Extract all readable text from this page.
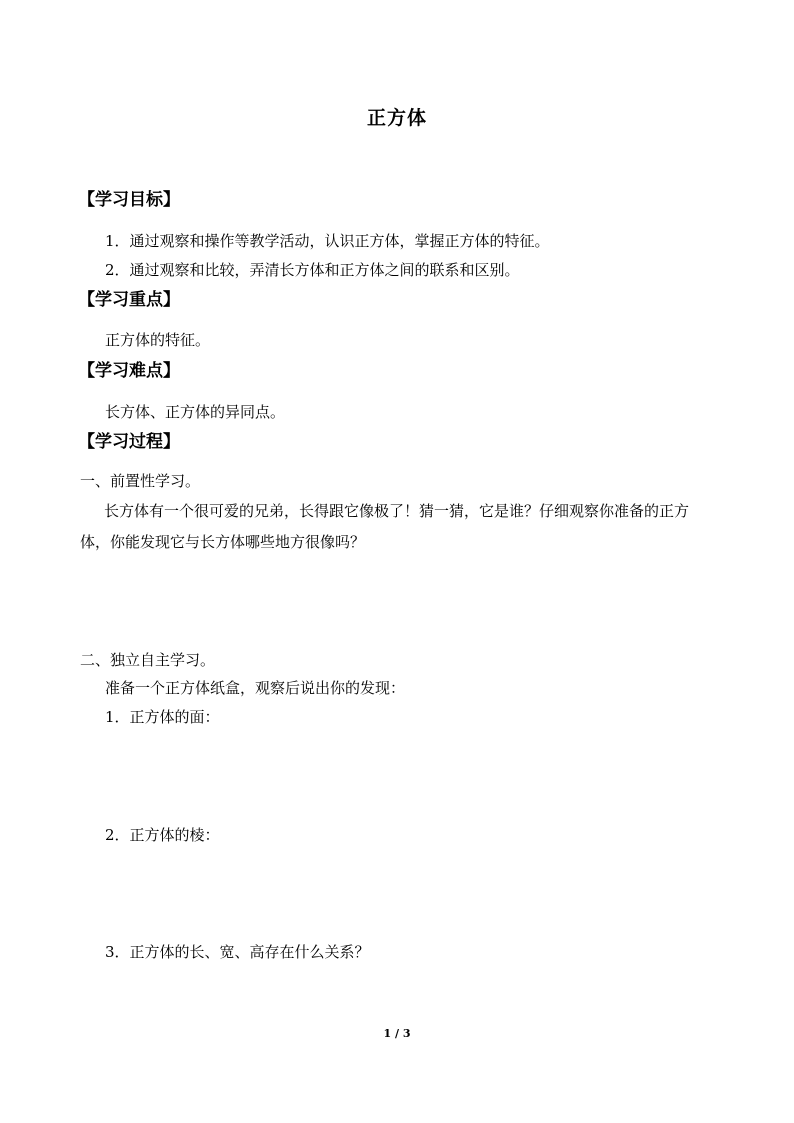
正方体
【学习目标】
1．通过观察和操作等教学活动，认识正方体，掌握正方体的特征。
2．通过观察和比较，弄清长方体和正方体之间的联系和区别。
【学习重点】
正方体的特征。
【学习难点】
长方体、正方体的异同点。
【学习过程】
一、前置性学习。
长方体有一个很可爱的兄弟，长得跟它像极了！猜一猜，它是谁？仔细观察你准备的正方体，你能发现它与长方体哪些地方很像吗？
二、独立自主学习。
准备一个正方体纸盒，观察后说出你的发现：
1．正方体的面：
2．正方体的棱：
3．正方体的长、宽、高存在什么关系？
1 / 3
